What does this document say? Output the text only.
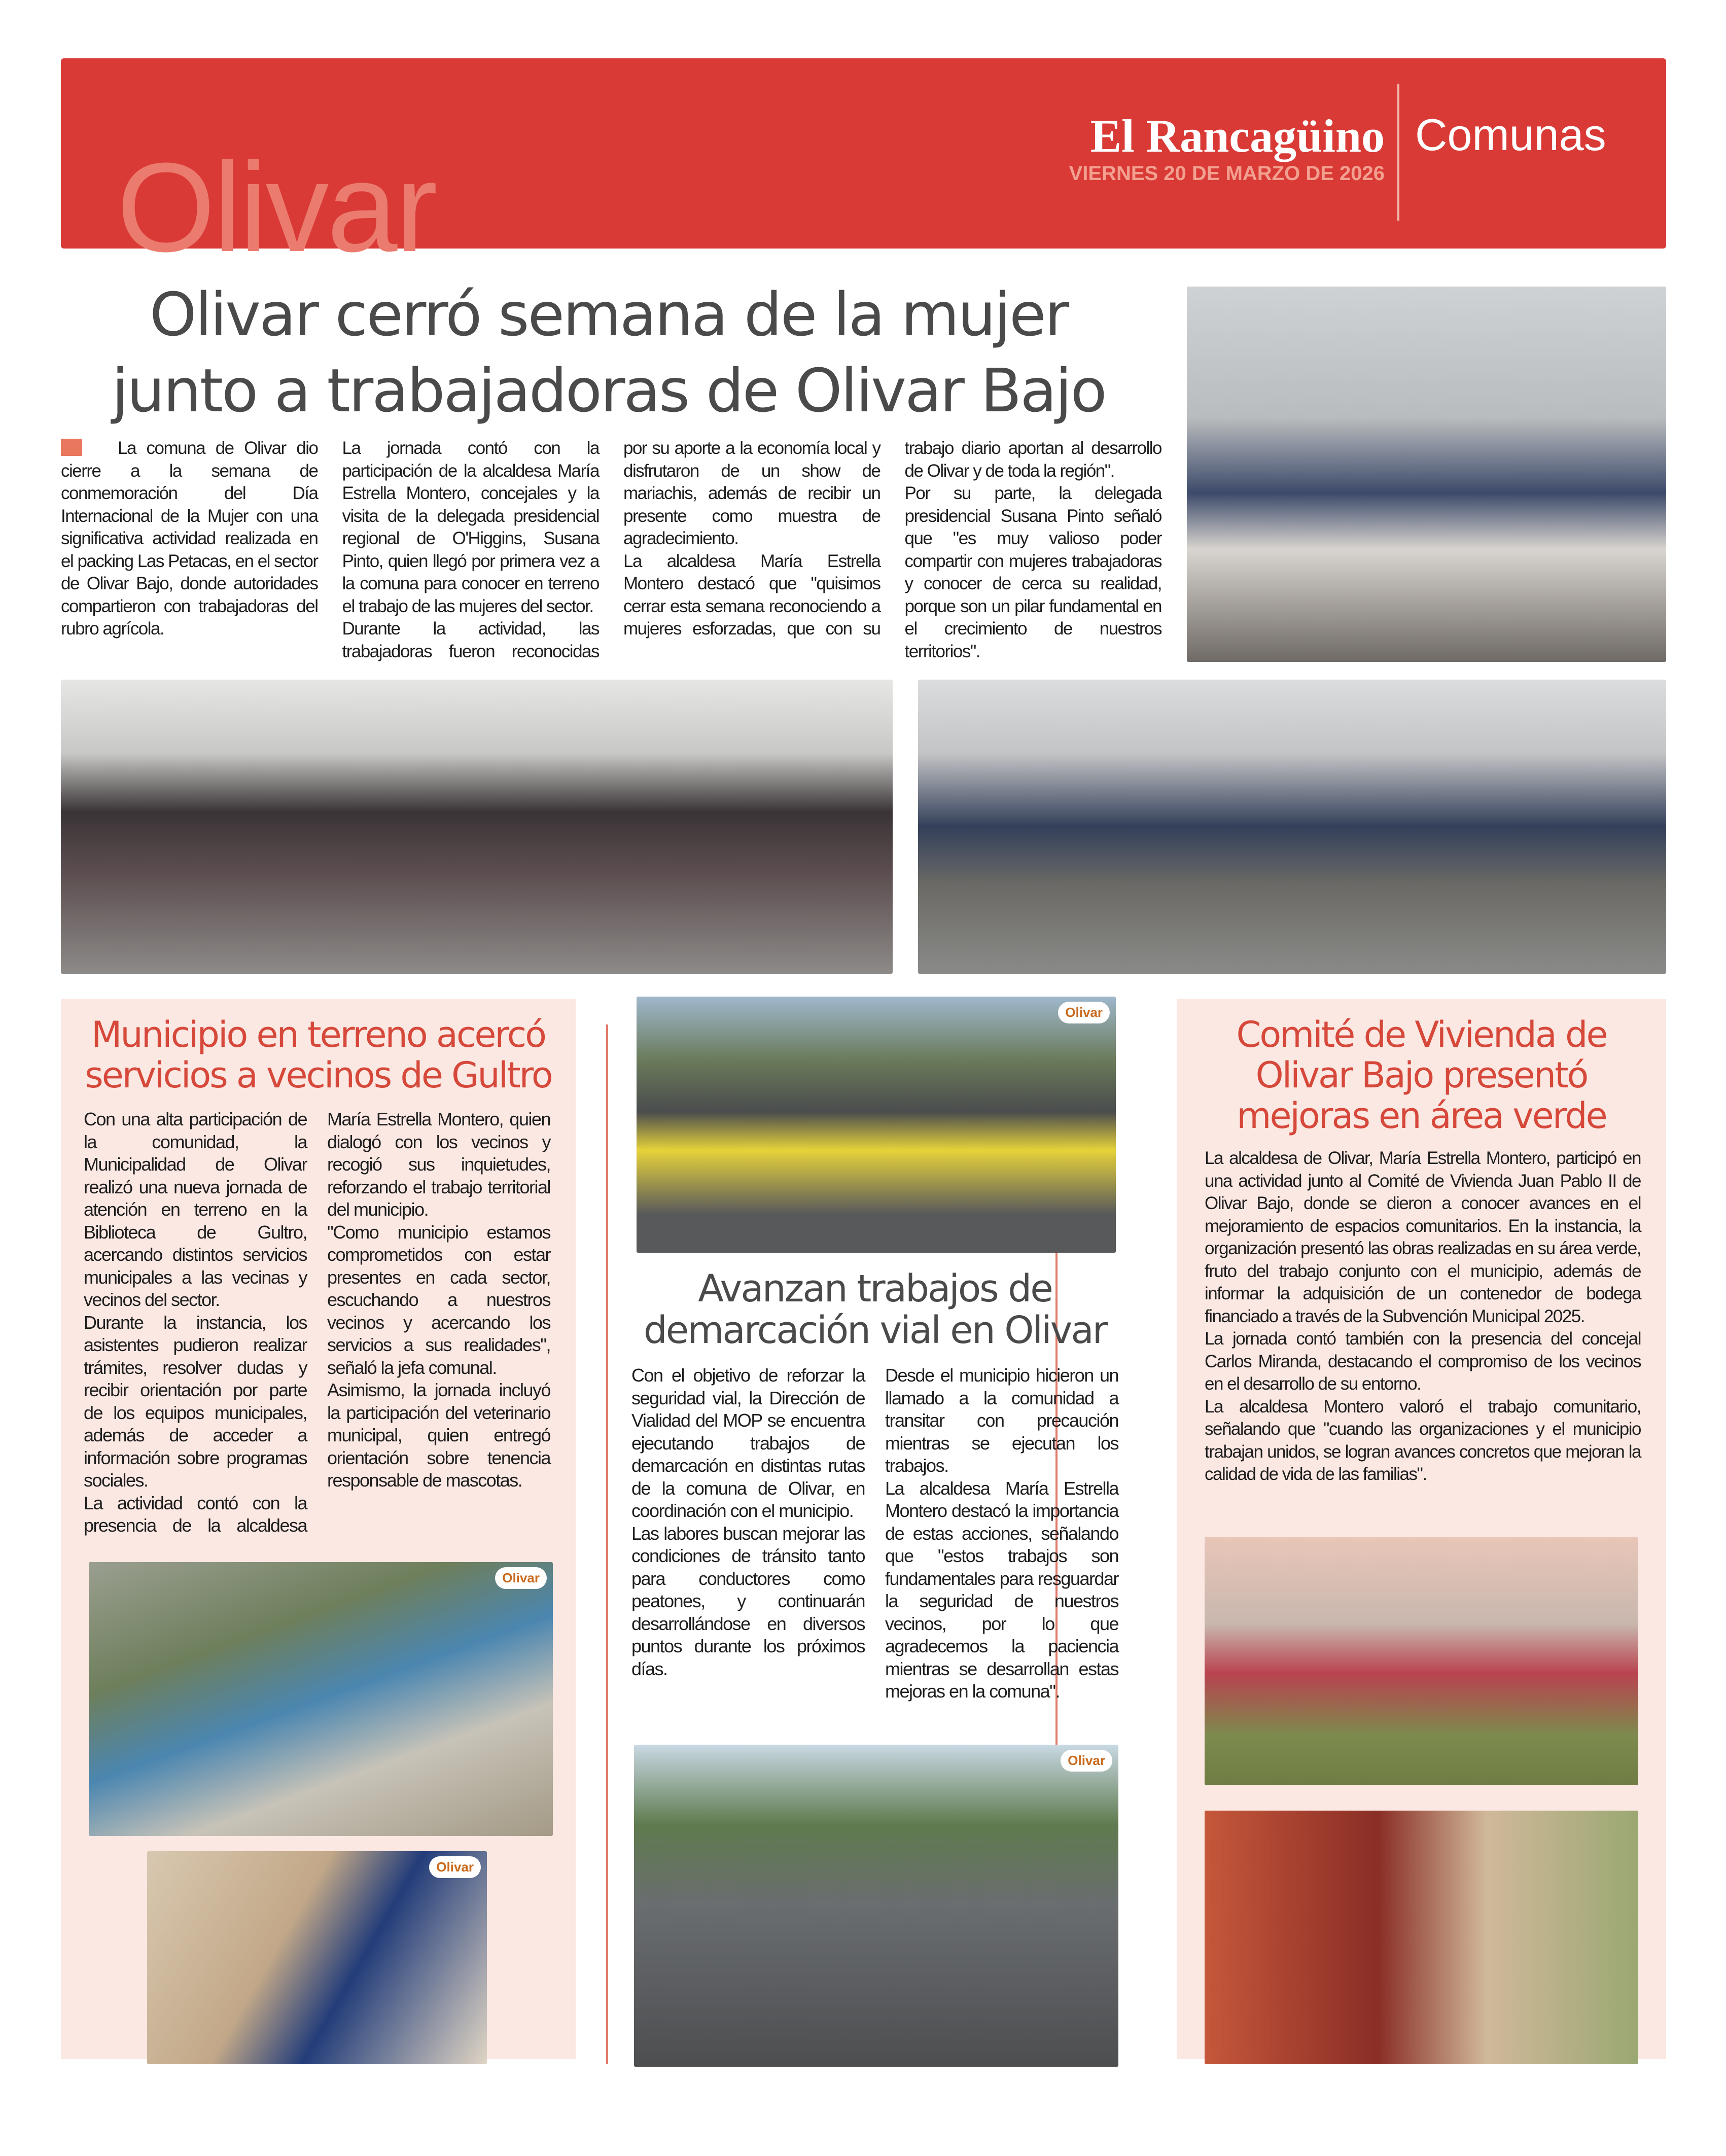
Olivar
El Rancagüino
VIERNES 20 DE MARZO DE 2026
Comunas
Olivar cerró semana de la mujer
junto a trabajadoras de Olivar Bajo

La comuna de Olivar dio cierre a la semana de conmemoración del Día Internacional de la Mujer con una significativa actividad realizada en el packing Las Petacas, en el sector de Olivar Bajo, donde autoridades compartieron con trabajadoras del rubro agrícola.

La jornada contó con la participación de la alcaldesa María Estrella Montero, concejales y la visita de la delegada presidencial regional de O'Higgins, Susana Pinto, quien llegó por primera vez a la comuna para conocer en terreno el trabajo de las mujeres del sector.

Durante la actividad, las trabajadoras fueron reconocidas por su aporte a la economía local y disfrutaron de un show de mariachis, además de recibir un presente como muestra de agradecimiento.

La alcaldesa María Estrella Montero destacó que "quisimos cerrar esta semana reconociendo a mujeres esforzadas, que con su trabajo diario aportan al desarrollo de Olivar y de toda la región".

Por su parte, la delegada presidencial Susana Pinto señaló que "es muy valioso poder compartir con mujeres trabajadoras y conocer de cerca su realidad, porque son un pilar fundamental en el crecimiento de nuestros territorios".

Municipio en terreno acercó
servicios a vecinos de Gultro

Con una alta participación de la comunidad, la Municipalidad de Olivar realizó una nueva jornada de atención en terreno en la Biblioteca de Gultro, acercando distintos servicios municipales a las vecinas y vecinos del sector.

Durante la instancia, los asistentes pudieron realizar trámites, resolver dudas y recibir orientación por parte de los equipos municipales, además de acceder a información sobre programas sociales.

La actividad contó con la presencia de la alcaldesa María Estrella Montero, quien dialogó con los vecinos y recogió sus inquietudes, reforzando el trabajo territorial del municipio.

"Como municipio estamos comprometidos con estar presentes en cada sector, escuchando a nuestros vecinos y acercando los servicios a sus realidades", señaló la jefa comunal.

Asimismo, la jornada incluyó la participación del veterinario municipal, quien entregó orientación sobre tenencia responsable de mascotas.

Olivar
Olivar
Olivar
Avanzan trabajos de
demarcación vial en Olivar

Con el objetivo de reforzar la seguridad vial, la Dirección de Vialidad del MOP se encuentra ejecutando trabajos de demarcación en distintas rutas de la comuna de Olivar, en coordinación con el municipio.

Las labores buscan mejorar las condiciones de tránsito tanto para conductores como peatones, y continuarán desarrollándose en diversos puntos durante los próximos días.

Desde el municipio hicieron un llamado a la comunidad a transitar con precaución mientras se ejecutan los trabajos.

La alcaldesa María Estrella Montero destacó la importancia de estas acciones, señalando que "estos trabajos son fundamentales para resguardar la seguridad de nuestros vecinos, por lo que agradecemos la paciencia mientras se desarrollan estas mejoras en la comuna".

Olivar
Comité de Vivienda de
Olivar Bajo presentó
mejoras en área verde

La alcaldesa de Olivar, María Estrella Montero, participó en una actividad junto al Comité de Vivienda Juan Pablo II de Olivar Bajo, donde se dieron a conocer avances en el mejoramiento de espacios comunitarios. En la instancia, la organización presentó las obras realizadas en su área verde, fruto del trabajo conjunto con el municipio, además de informar la adquisición de un contenedor de bodega financiado a través de la Subvención Municipal 2025.

La jornada contó también con la presencia del concejal Carlos Miranda, destacando el compromiso de los vecinos en el desarrollo de su entorno.

La alcaldesa Montero valoró el trabajo comunitario, señalando que "cuando las organizaciones y el municipio trabajan unidos, se logran avances concretos que mejoran la calidad de vida de las familias".
